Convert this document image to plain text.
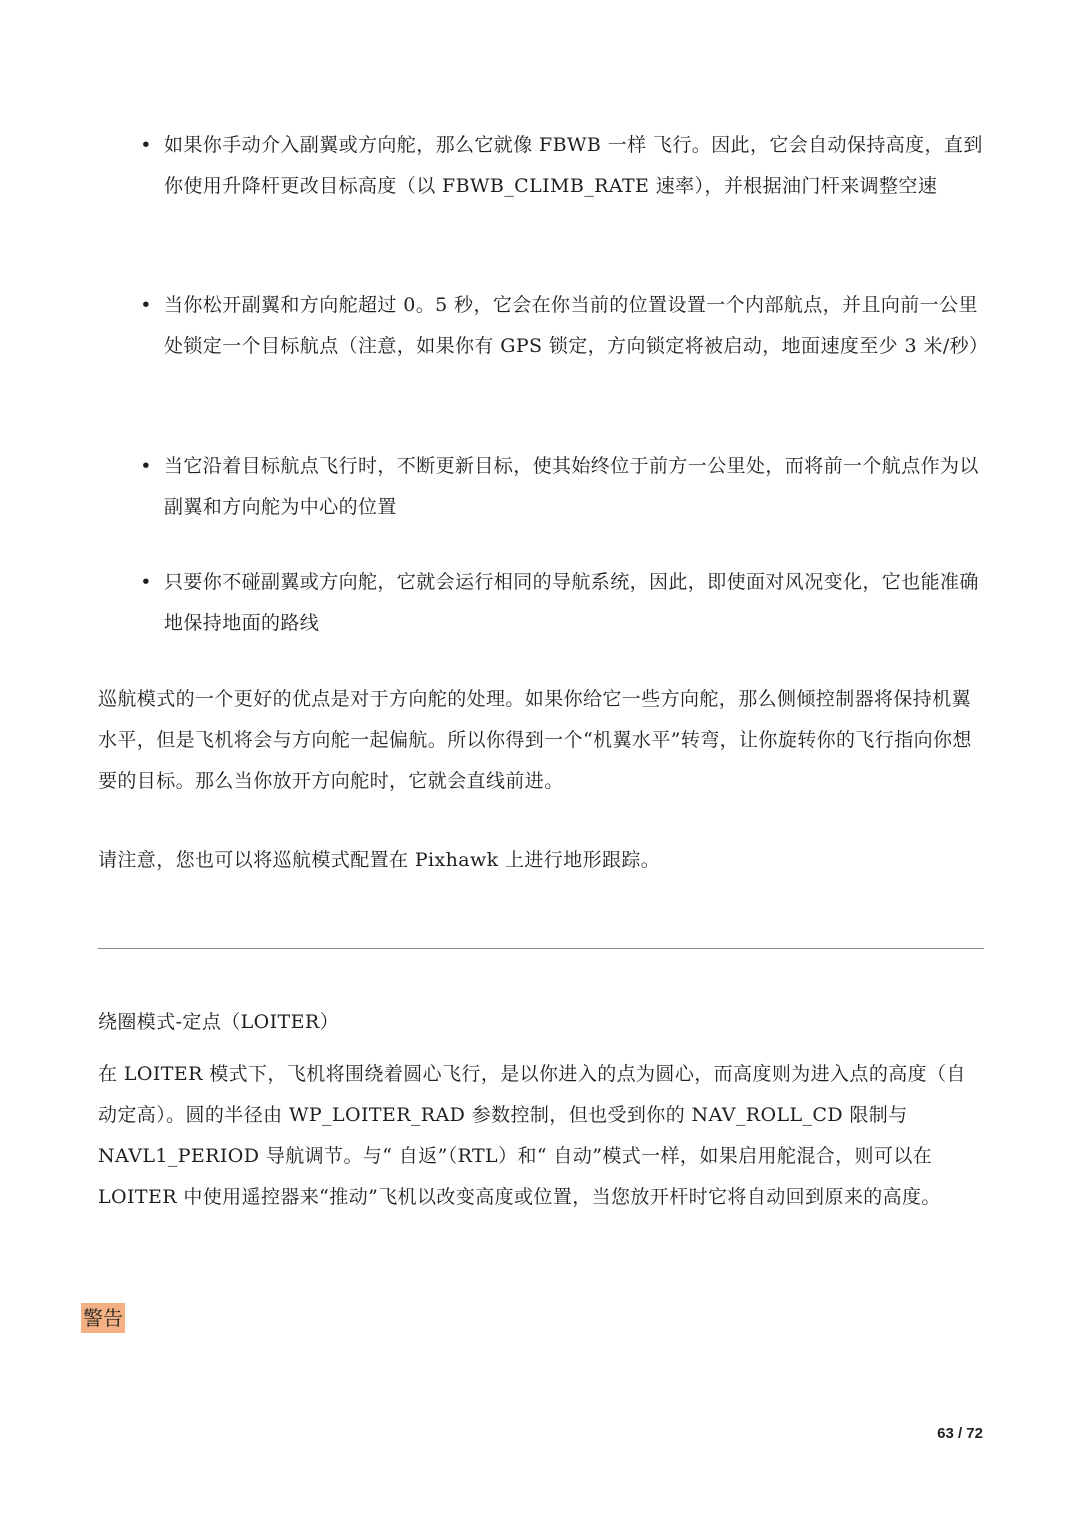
• 如果你手动介入副翼或方向舵，那么它就像 FBWB 一样 飞行。因此，它会自动保持高度，直到你使用升降杆更改目标高度（以 FBWB_CLIMB_RATE 速率），并根据油门杆来调整空速
• 当你松开副翼和方向舵超过 0。5 秒，它会在你当前的位置设置一个内部航点，并且向前一公里处锁定一个目标航点（注意，如果你有 GPS 锁定，方向锁定将被启动，地面速度至少 3 米/秒）
• 当它沿着目标航点飞行时，不断更新目标，使其始终位于前方一公里处，而将前一个航点作为以副翼和方向舵为中心的位置
• 只要你不碰副翼或方向舵，它就会运行相同的导航系统，因此，即使面对风况变化，它也能准确地保持地面的路线
巡航模式的一个更好的优点是对于方向舵的处理。如果你给它一些方向舵，那么侧倾控制器将保持机翼水平，但是飞机将会与方向舵一起偏航。所以你得到一个“机翼水平”转弯，让你旋转你的飞行指向你想要的目标。那么当你放开方向舵时，它就会直线前进。
请注意，您也可以将巡航模式配置在 Pixhawk 上进行地形跟踪。
绕圈模式-定点（LOITER）
在 LOITER 模式下，飞机将围绕着圆心飞行，是以你进入的点为圆心，而高度则为进入点的高度（自动定高）。圆的半径由 WP_LOITER_RAD 参数控制，但也受到你的 NAV_ROLL_CD 限制与 NAVL1_PERIOD 导航调节。与“ 自返”（RTL）和“ 自动”模式一样，如果启用舵混合，则可以在 LOITER 中使用遥控器来“推动”飞机以改变高度或位置，当您放开杆时它将自动回到原来的高度。
警告
63 / 72
